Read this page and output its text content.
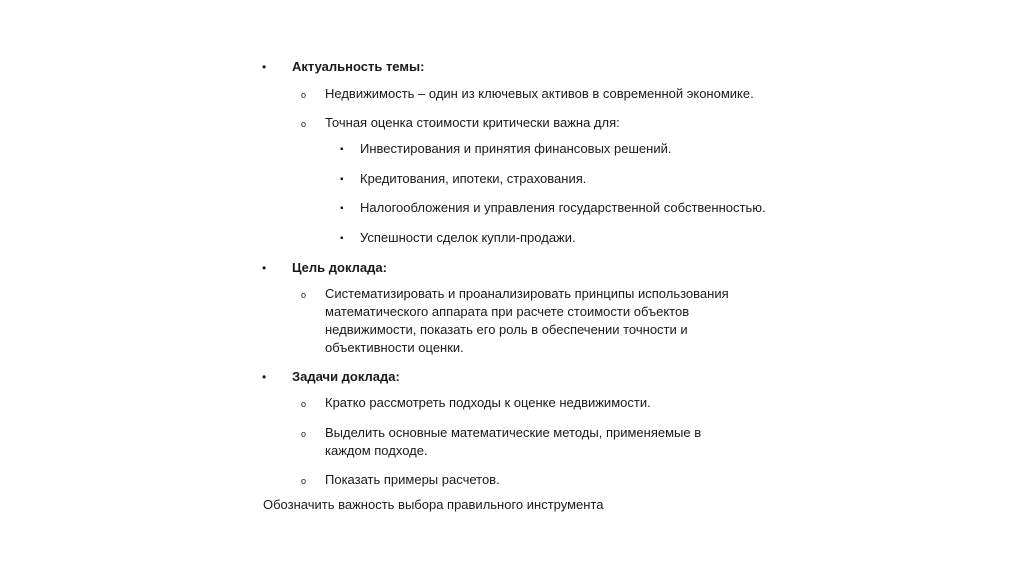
• Актуальность темы:
o Недвижимость – один из ключевых активов в современной экономике.
o Точная оценка стоимости критически важна для:
▪ Инвестирования и принятия финансовых решений.
▪ Кредитования, ипотеки, страхования.
▪ Налогообложения и управления государственной собственностью.
▪ Успешности сделок купли-продажи.
• Цель доклада:
o Систематизировать и проанализировать принципы использования математического аппарата при расчете стоимости объектов недвижимости, показать его роль в обеспечении точности и объективности оценки.
• Задачи доклада:
o Кратко рассмотреть подходы к оценке недвижимости.
o Выделить основные математические методы, применяемые в каждом подходе.
o Показать примеры расчетов.
Обозначить важность выбора правильного инструмента
